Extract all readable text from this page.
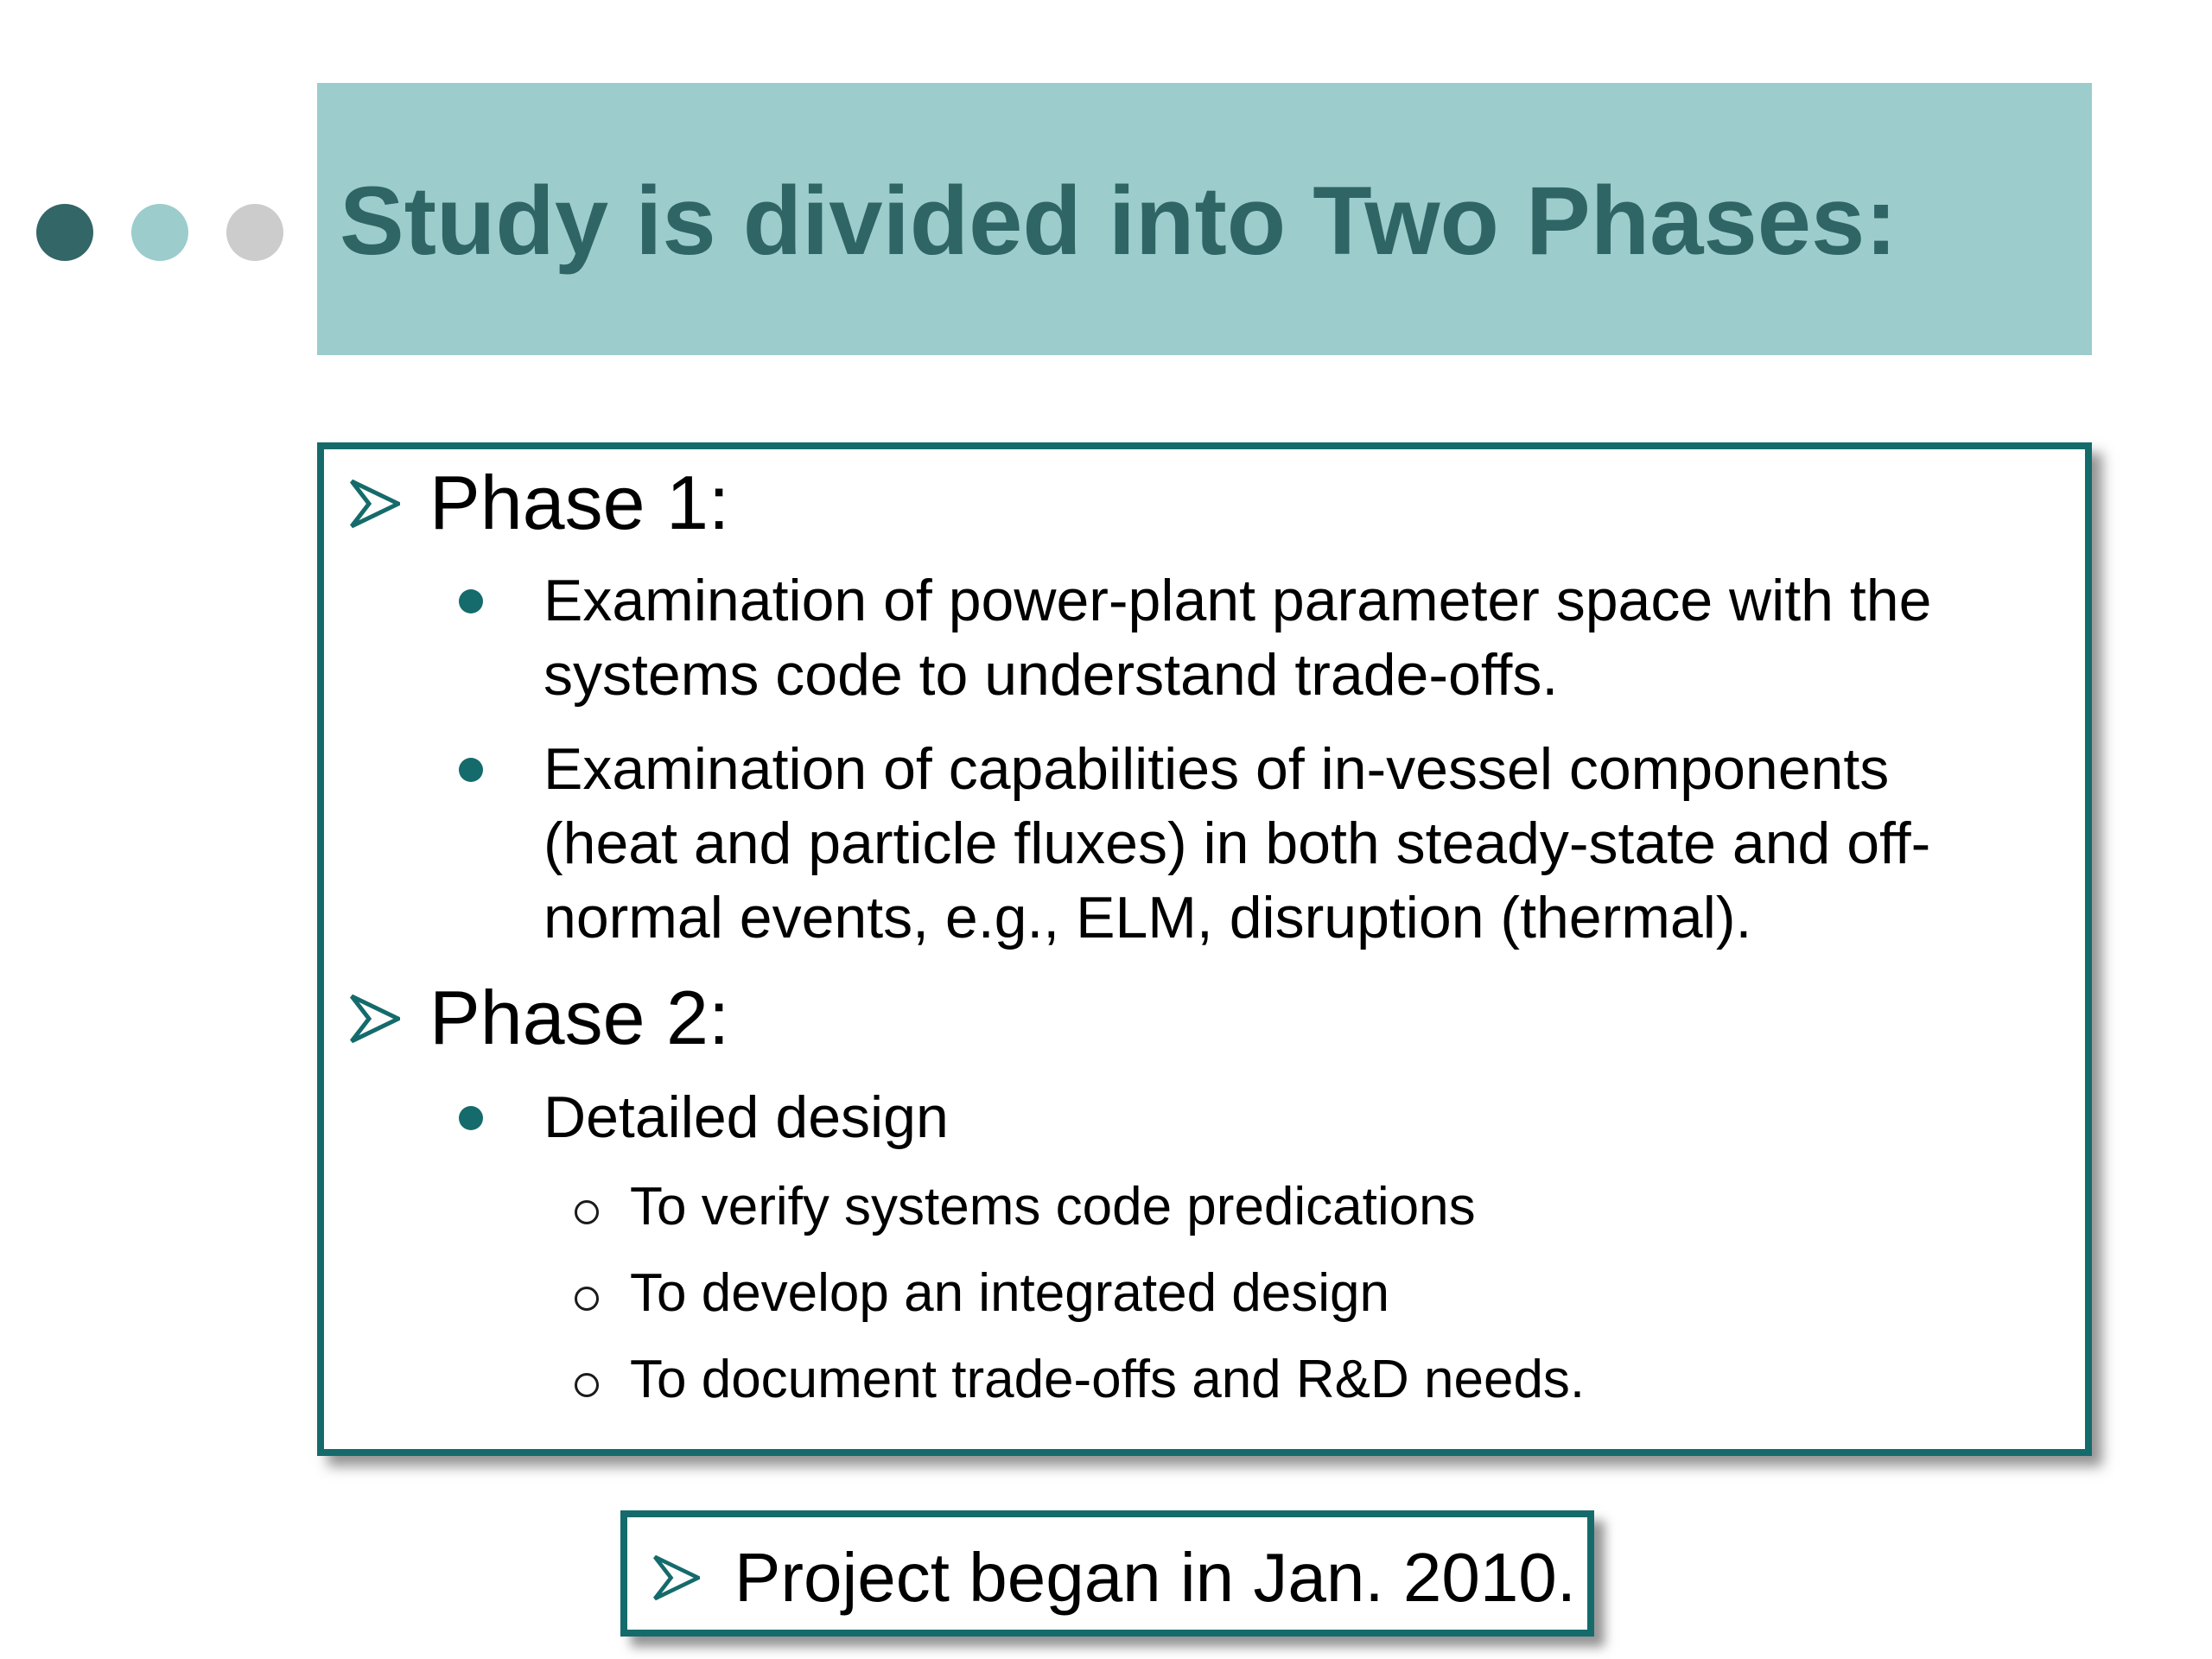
Study is divided into Two Phases:
Phase 1:
Examination of power-plant parameter space with the
systems code to understand trade-offs.
Examination of capabilities of in-vessel components
(heat and particle fluxes) in both steady-state and off-
normal events, e.g., ELM, disruption (thermal).
Phase 2:
Detailed design
To verify systems code predications
To develop an integrated design
To document trade-offs and R&D needs.
Project began in Jan. 2010.
